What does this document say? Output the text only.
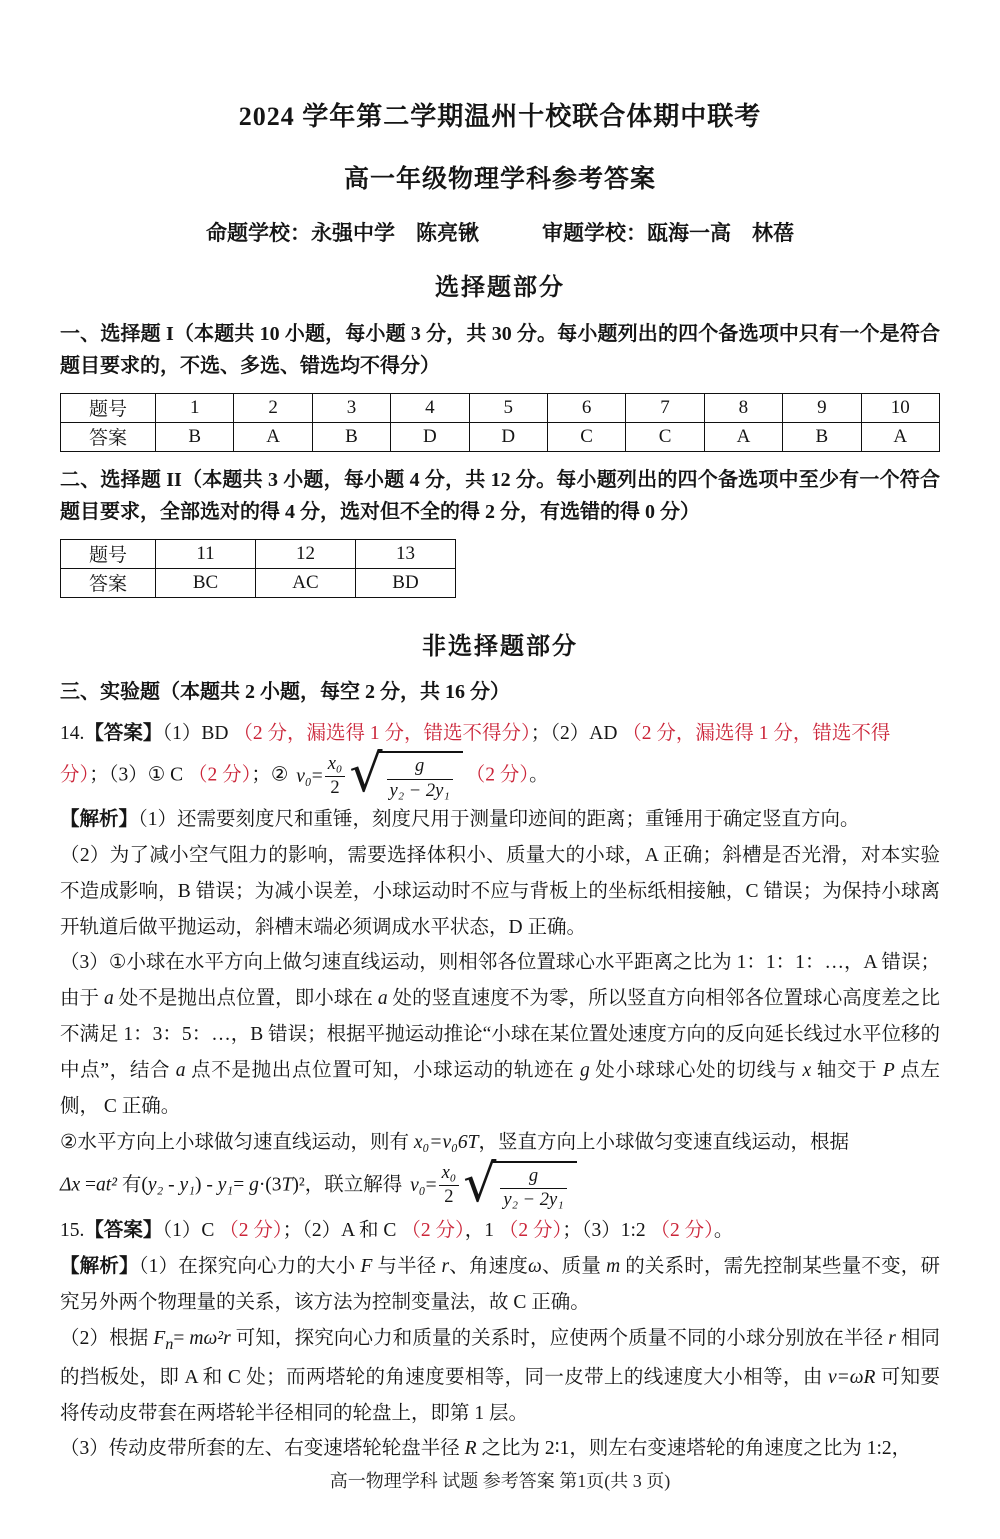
2024 学年第二学期温州十校联合体期中联考
高一年级物理学科参考答案
命题学校：永强中学　陈亮锹　　　审题学校：瓯海一高　林蓓
选择题部分

一、选择题 I（本题共 10 小题，每小题 3 分，共 30 分。每小题列出的四个备选项中只有一个是符合题目要求的，不选、多选、错选均不得分）

题号	1	2	3	4	5	6	7	8	9	10
答案	B	A	B	D	D	C	C	A	B	A

二、选择题 II（本题共 3 小题，每小题 4 分，共 12 分。每小题列出的四个备选项中至少有一个符合题目要求，全部选对的得 4 分，选对但不全的得 2 分，有选错的得 0 分）

题号	11	12	13
答案	BC	AC	BD
非选择题部分

三、实验题（本题共 2 小题，每空 2 分，共 16 分）

14.【答案】（1）BD （2 分，漏选得 1 分，错选不得分）；（2）AD （2 分，漏选得 1 分，错选不得

分）；（3）① C （2 分）；② $v_0 = \frac{\text{x₀}}{2}$ √ $\frac{g}{\text{y₂ − 2y₁}} (2$ 分）。

【解析】（1）还需要刻度尺和重锤，刻度尺用于测量印迹间的距离；重锤用于确定竖直方向。

（2）为了减小空气阻力的影响，需要选择体积小、质量大的小球，A 正确；斜槽是否光滑，对本实验不造成影响，B 错误；为减小误差，小球运动时不应与背板上的坐标纸相接触，C 错误；为保持小球离开轨道后做平抛运动，斜槽末端必须调成水平状态，D 正确。

（3）①小球在水平方向上做匀速直线运动，则相邻各位置球心水平距离之比为 1：1：1：…，A 错误；由于 a 处不是抛出点位置，即小球在 a 处的竖直速度不为零，所以竖直方向相邻各位置球心高度差之比不满足 1：3：5：…，B 错误；根据平抛运动推论“小球在某位置处速度方向的反向延长线过水平位移的中点”，结合 a 点不是抛出点位置可知，小球运动的轨迹在 g 处小球球心处的切线与 x 轴交于 P 点左侧， C 正确。

②水平方向上小球做匀速直线运动，则有 x₀=v₀6T，竖直方向上小球做匀变速直线运动，根据

Δx =at² 有(y₂ - y₁) - y₁= g·(3T)²，联立解得 $v_0 = \frac{\text{x₀}}{2}$ √ $\frac{g}{\text{y₂ − 2y₁}}$

15.【答案】（1）C （2 分）；（2）A 和 C （2 分），1 （2 分）；（3）1:2 （2 分）。

【解析】（1）在探究向心力的大小 F 与半径 r、角速度ω、质量 m 的关系时，需先控制某些量不变，研究另外两个物理量的关系，该方法为控制变量法，故 C 正确。

（2）根据 $F_n= m\omega^2r$ 可知，探究向心力和质量的关系时，应使两个质量不同的小球分别放在半径 r 相同的挡板处，即 A 和 C 处；而两塔轮的角速度要相等，同一皮带上的线速度大小相等，由 v=ωR 可知要将传动皮带套在两塔轮半径相同的轮盘上，即第 1 层。

（3）传动皮带所套的左、右变速塔轮轮盘半径 R 之比为 2∶1，则左右变速塔轮的角速度之比为 1:2，

高一物理学科 试题 参考答案 第1页(共 3 页)
